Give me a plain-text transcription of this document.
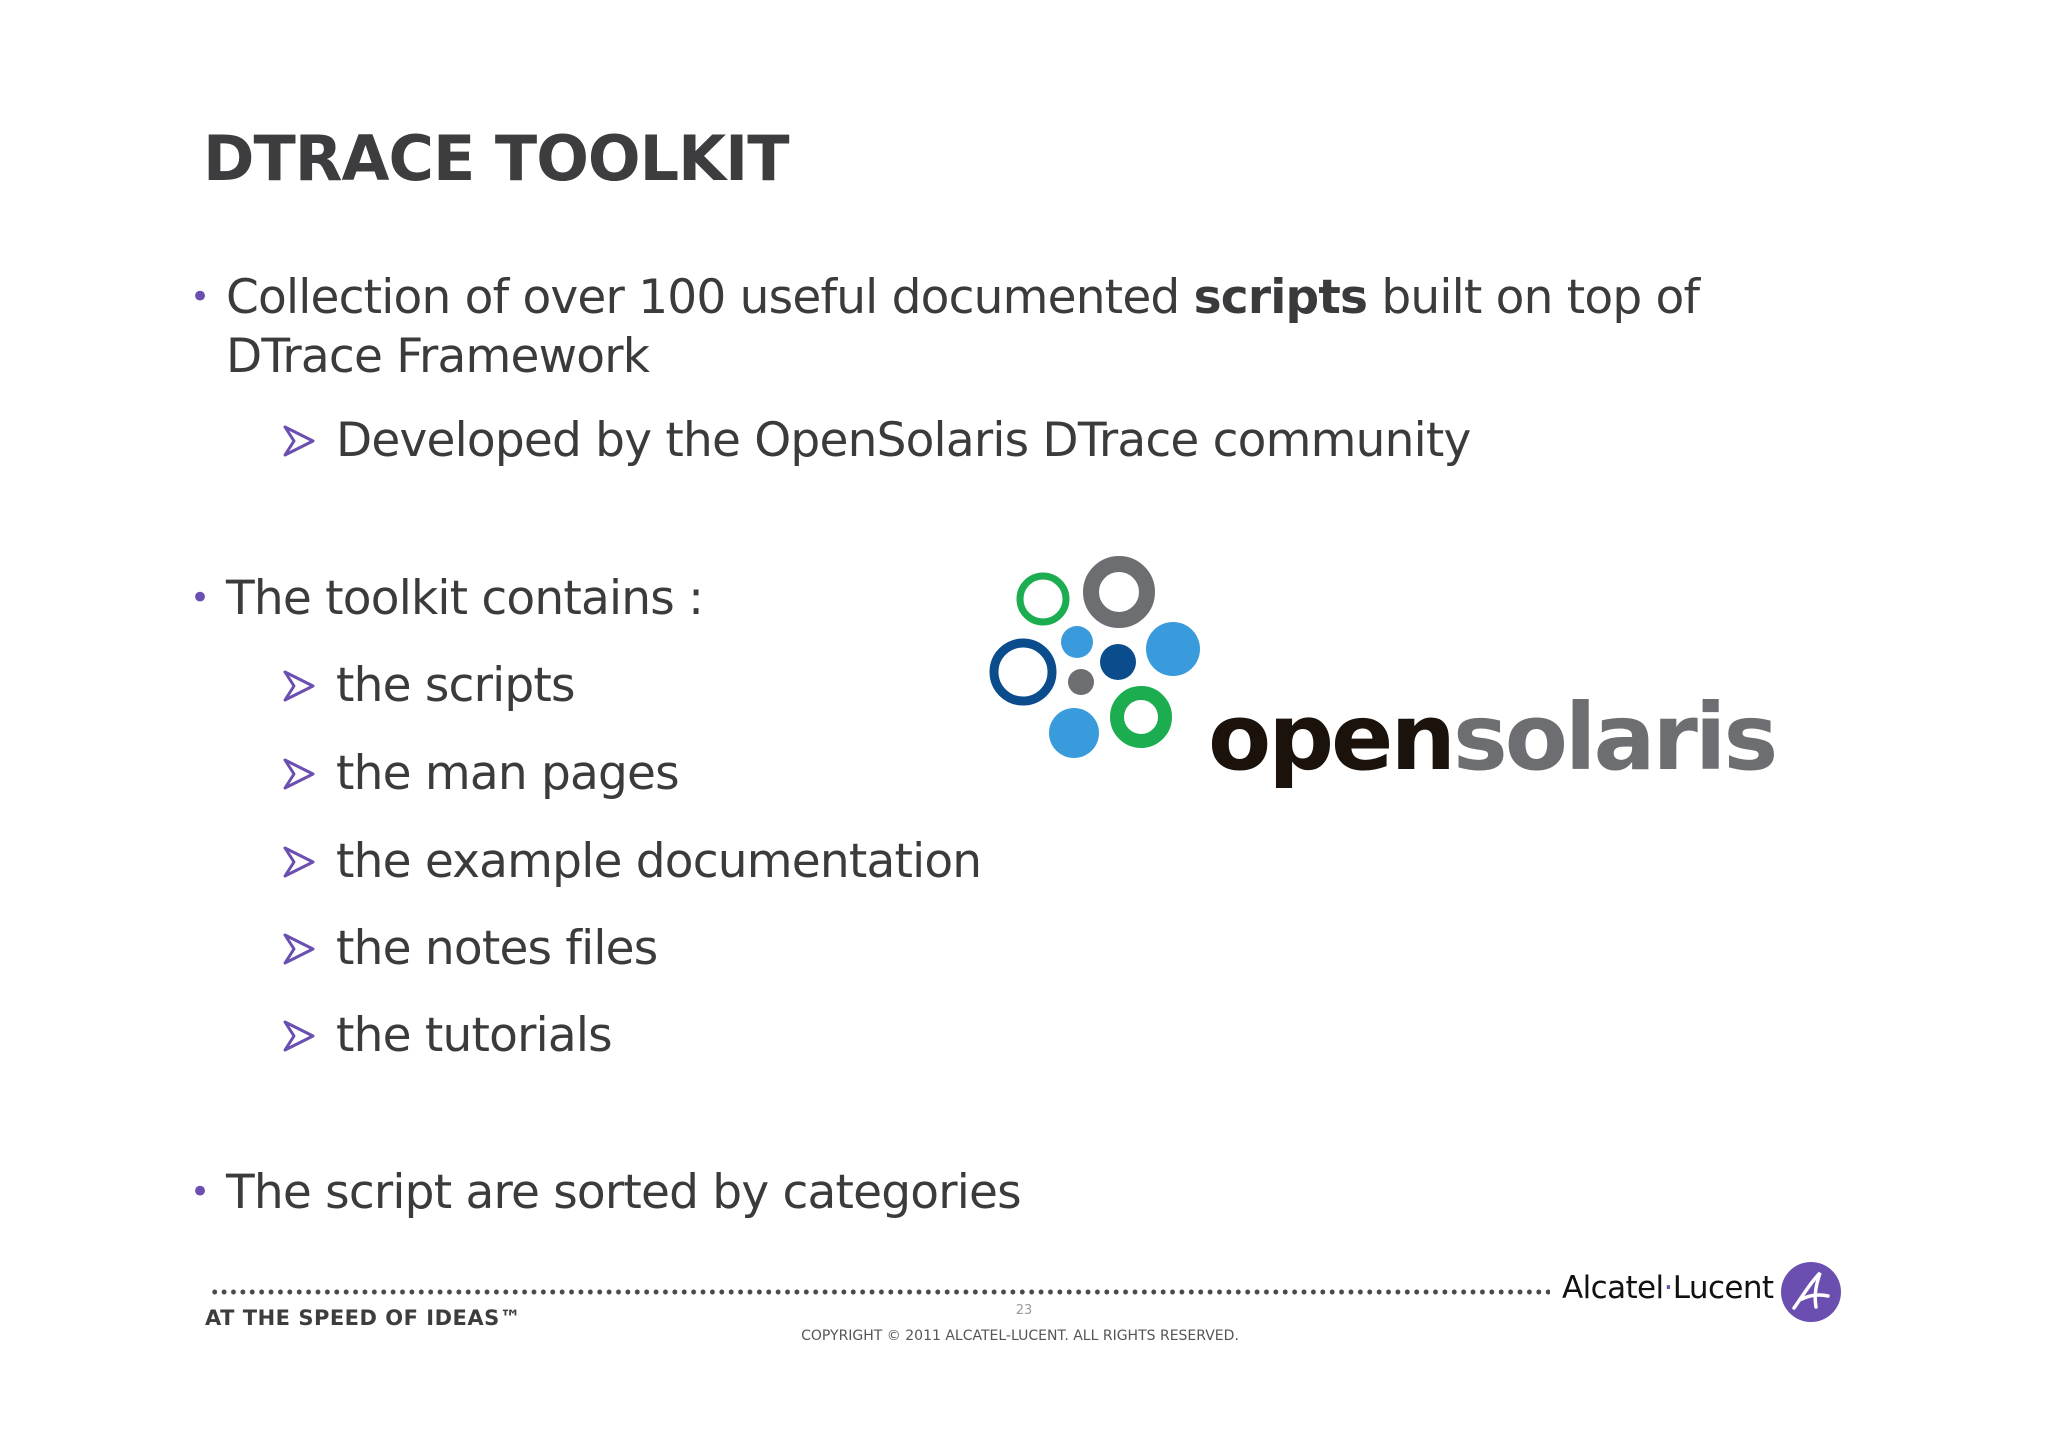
DTRACE TOOLKIT
• Collection of over 100 useful documented scripts built on top of DTrace Framework
Developed by the OpenSolaris DTrace community
• The toolkit contains :
the scripts
the man pages
the example documentation
the notes files
the tutorials
• The script are sorted by categories
opensolaris
Alcatel·Lucent
AT THE SPEED OF IDEAS™	23
COPYRIGHT © 2011 ALCATEL-LUCENT. ALL RIGHTS RESERVED.
